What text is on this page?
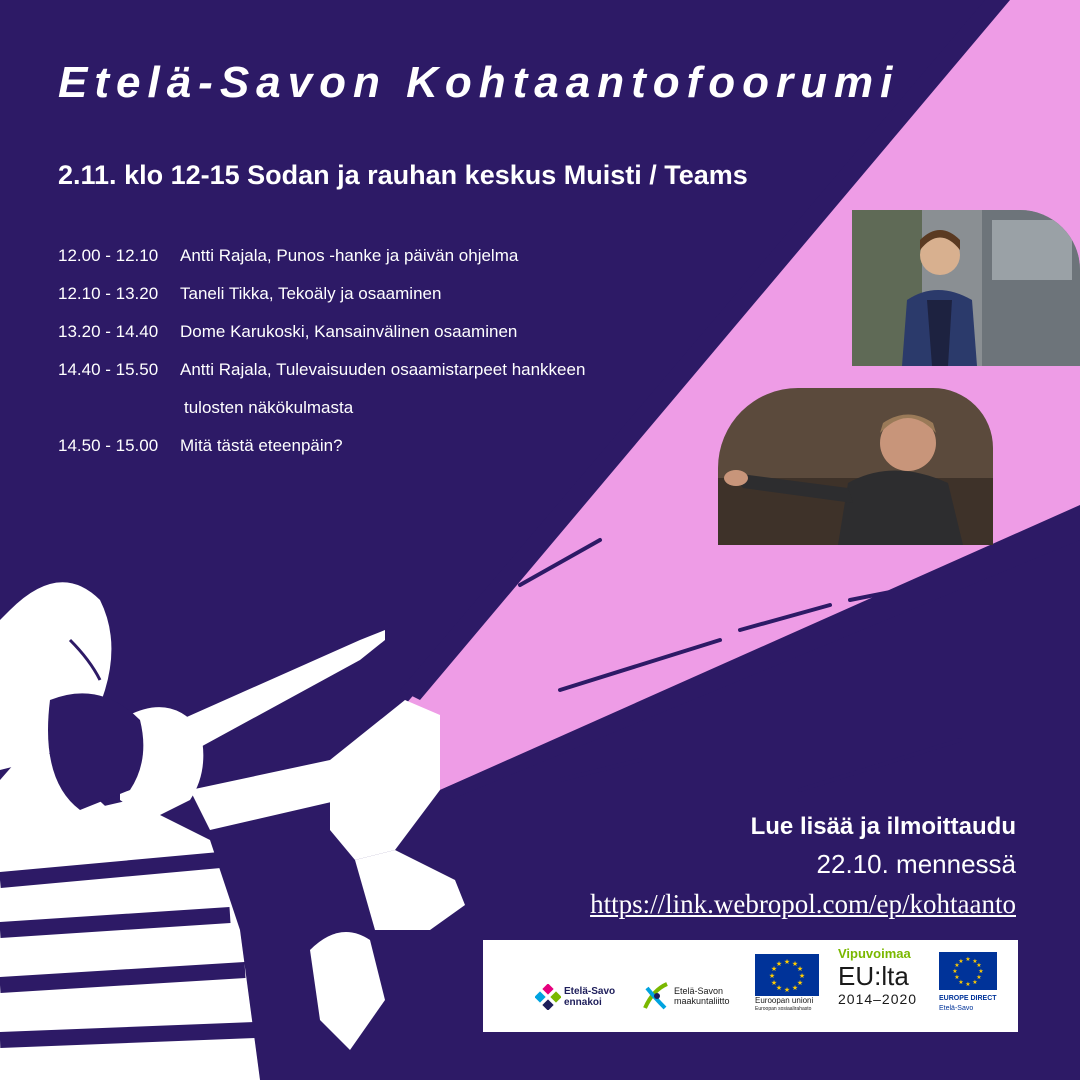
Etelä-Savon Kohtaantofoorumi
2.11. klo 12-15 Sodan ja rauhan keskus Muisti / Teams
12.00 - 12.10	Antti Rajala, Punos -hanke ja päivän ohjelma
12.10 - 13.20	Taneli Tikka, Tekoäly ja osaaminen
13.20 - 14.40	Dome Karukoski, Kansainvälinen osaaminen
14.40 - 15.50	Antti Rajala, Tulevaisuuden osaamistarpeet hankkeen
tulosten näkökulmasta
14.50 - 15.00	Mitä tästä eteenpäin?
Lue lisää ja ilmoittaudu
22.10. mennessä
https://link.webropol.com/ep/kohtaanto
Etelä-Savo
ennakoi
Etelä-Savon
maakuntaliitto
★ ★
★
★
★
★
★
★
★
★
★
★
Euroopan unioni
Euroopan sosiaalirahasto
Vipuvoimaa
EU:lta
2014–2020
★ ★
★
★
★
★
★
★
★
★
★
★
EUROPE DIRECT
Etelä-Savo
